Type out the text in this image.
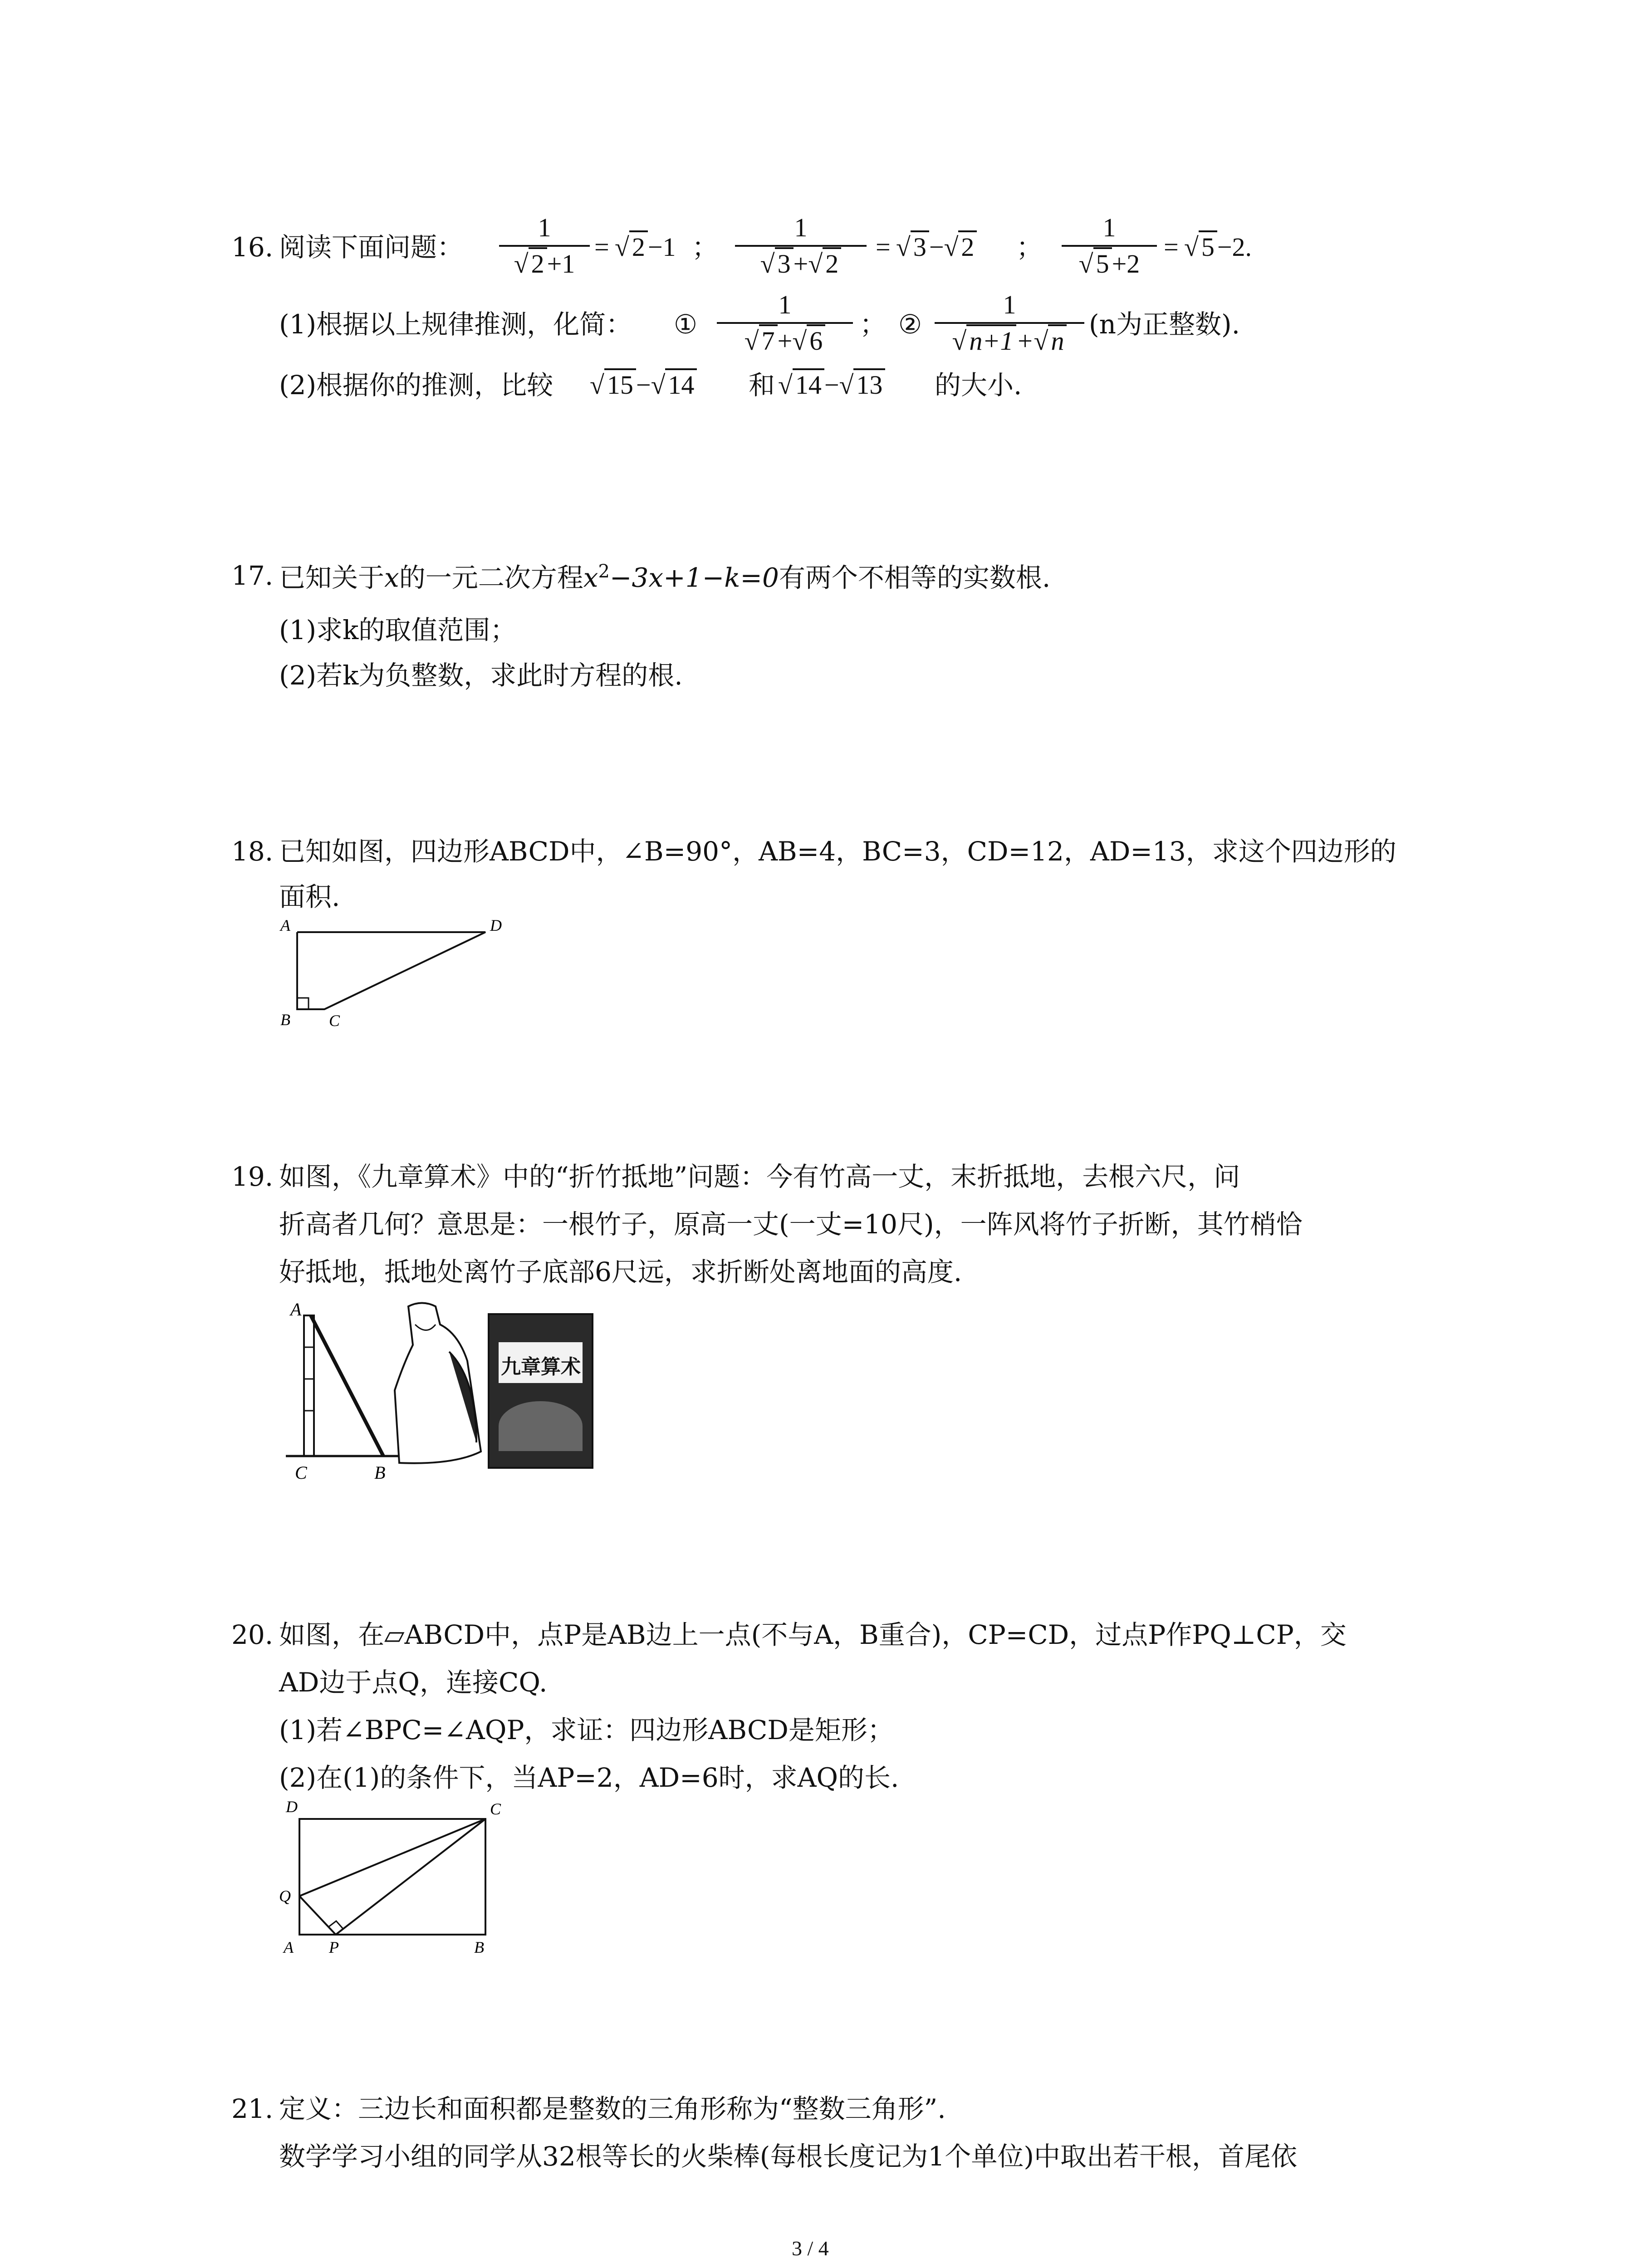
16. 阅读下面问题：
1
√ 2 +1
= √ 2 −1 ；
1
√ 3 +√ 2
= √ 3 −√ 2 ；
1
√ 5 +2
= √ 5 −2.
(1)根据以上规律推测，化简： ①
1
√ 7 +√ 6
； ②
1
√ n+1 +√ n
(n为正整数).
(2)根据你的推测，比较 √ 15 −√ 14 和 √ 14 −√ 13 的大小.
17. 已知关于x的一元二次方程$x^2-3x+1-k=0$有两个不相等的实数根.
(1)求k的取值范围；
(2)若k为负整数，求此时方程的根.
18. 已知如图，四边形ABCD中，∠B=90°，AB=4，BC=3，CD=12，AD=13，求这个四边形的
面积.
A
B C
D
19. 如图，《九章算术》中的“折竹抵地”问题：今有竹高一丈，末折抵地，去根六尺，问
折高者几何？意思是：一根竹子，原高一丈(一丈=10尺)，一阵风将竹子折断，其竹梢恰
好抵地，抵地处离竹子底部6尺远，求折断处离地面的高度.
A
C	B
九章算术
20. 如图，在▱ABCD中，点P是AB边上一点(不与A，B重合)，CP=CD，过点P作PQ⊥CP，交
AD边于点Q，连接CQ.
(1)若∠BPC=∠AQP，求证：四边形ABCD是矩形；
(2)在(1)的条件下，当AP=2，AD=6时，求AQ的长.
D	C
Q
A P	B
21. 定义：三边长和面积都是整数的三角形称为“整数三角形”.
数学学习小组的同学从32根等长的火柴棒(每根长度记为1个单位)中取出若干根，首尾依
3 / 4
